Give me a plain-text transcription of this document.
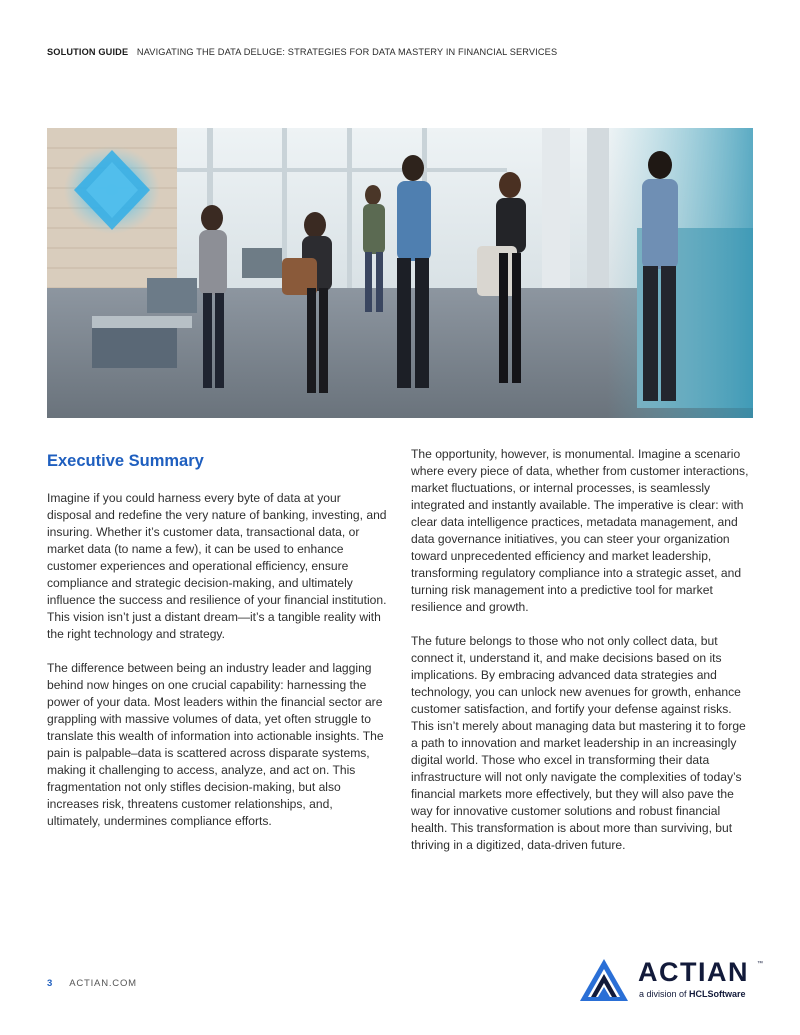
SOLUTION GUIDE NAVIGATING THE DATA DELUGE: STRATEGIES FOR DATA MASTERY IN FINANCIAL SERVICES
Executive Summary

Imagine if you could harness every byte of data at your disposal and redefine the very nature of banking, investing, and insuring. Whether it’s customer data, transactional data, or market data (to name a few), it can be used to enhance customer experiences and operational efficiency, ensure compliance and strategic decision-making, and ultimately influence the success and resilience of your financial institution. This vision isn’t just a distant dream—it’s a tangible reality with the right technology and strategy.

The difference between being an industry leader and lagging behind now hinges on one crucial capability: harnessing the power of your data. Most leaders within the financial sector are grappling with massive volumes of data, yet often struggle to translate this wealth of information into actionable insights. The pain is palpable–data is scattered across disparate systems, making it challenging to access, analyze, and act on. This fragmentation not only stifles decision-making, but also increases risk, threatens customer relationships, and, ultimately, undermines compliance efforts.

The opportunity, however, is monumental. Imagine a scenario where every piece of data, whether from customer interactions, market fluctuations, or internal processes, is seamlessly integrated and instantly available. The imperative is clear: with clear data intelligence practices, metadata management, and data governance initiatives, you can steer your organization toward unprecedented efficiency and market leadership, transforming regulatory compliance into a strategic asset, and turning risk management into a predictive tool for market resilience and growth.

The future belongs to those who not only collect data, but connect it, understand it, and make decisions based on its implications. By embracing advanced data strategies and technology, you can unlock new avenues for growth, enhance customer satisfaction, and fortify your defense against risks. This isn’t merely about managing data but mastering it to forge a path to innovation and market leadership in an increasingly digital world. Those who excel in transforming their data infrastructure will not only navigate the complexities of today’s financial markets more effectively, but they will also pave the way for innovative customer solutions and robust financial health. This transformation is about more than surviving, but thriving in a digitized, data-driven future.

3 ACTIAN.COM	ACTIAN ™
a division of HCLSoftware
